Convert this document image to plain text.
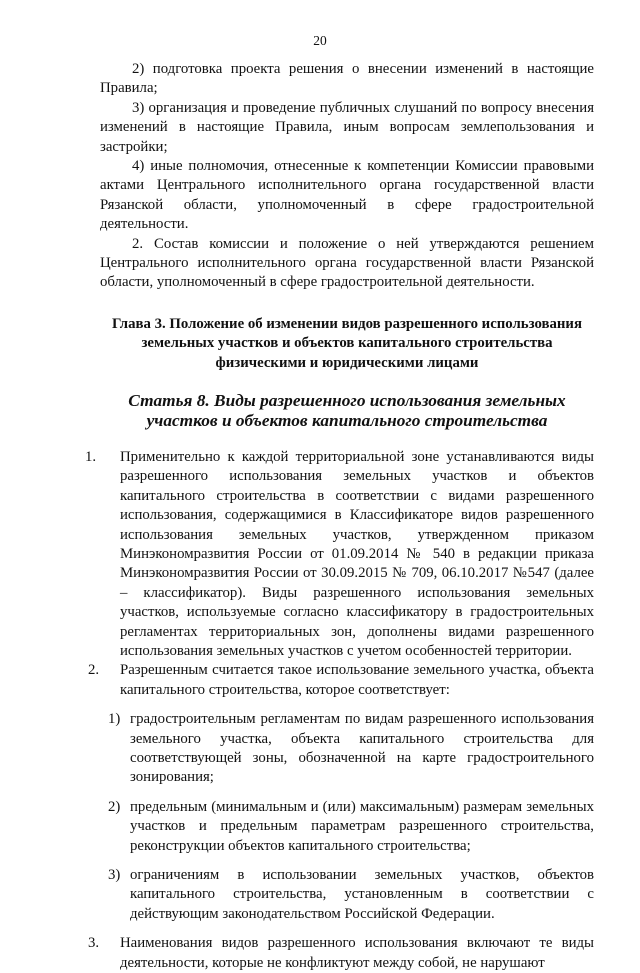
20

2) подготовка проекта решения о внесении изменений в настоящие Правила;

3) организация и проведение публичных слушаний по вопросу внесения изменений в настоящие Правила, иным вопросам землепользования и застройки;

4) иные полномочия, отнесенные к компетенции Комиссии правовыми актами Центрального исполнительного органа государственной власти Рязанской области, уполномоченный в сфере градостроительной деятельности.

2. Состав комиссии и положение о ней утверждаются решением Центрального исполнительного органа государственной власти Рязанской области, уполномоченный в сфере градостроительной деятельности.

Глава 3. Положение об изменении видов разрешенного использования земельных участков и объектов капитального строительства физическими и юридическими лицами
Статья 8. Виды разрешенного использования земельных участков и объектов капитального строительства
1. Применительно к каждой территориальной зоне устанавливаются виды разрешенного использования земельных участков и объектов капитального строительства в соответствии с видами разрешенного использования, содержащимися в Классификаторе видов разрешенного использования земельных участков, утвержденном приказом Минэкономразвития России от 01.09.2014 № 540 в редакции приказа Минэкономразвития России от 30.09.2015 № 709, 06.10.2017 №547 (далее – классификатор). Виды разрешенного использования земельных участков, используемые согласно классификатору в градостроительных регламентах территориальных зон, дополнены видами разрешенного использования земельных участков с учетом особенностей территории.
2. Разрешенным считается такое использование земельного участка, объекта капитального строительства, которое соответствует:
1) градостроительным регламентам по видам разрешенного использования земельного участка, объекта капитального строительства для соответствующей зоны, обозначенной на карте градостроительного зонирования;
2) предельным (минимальным и (или) максимальным) размерам земельных участков и предельным параметрам разрешенного строительства, реконструкции объектов капитального строительства;
3) ограничениям в использовании земельных участков, объектов капитального строительства, установленным в соответствии с действующим законодательством Российской Федерации.
3. Наименования видов разрешенного использования включают те виды деятельности, которые не конфликтуют между собой, не нарушают
